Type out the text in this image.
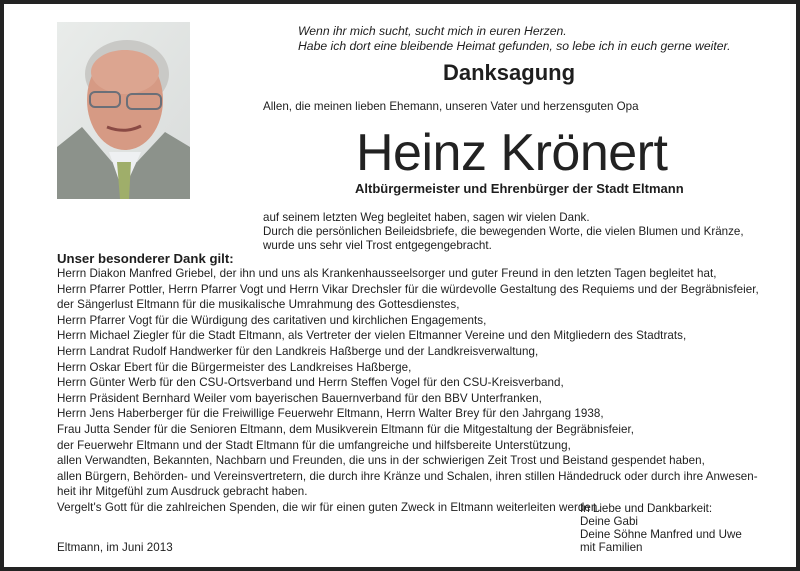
Wenn ihr mich sucht, sucht mich in euren Herzen.
Habe ich dort eine bleibende Heimat gefunden, so lebe ich in euch gerne weiter.
Danksagung
Allen, die meinen lieben Ehemann, unseren Vater und herzensguten Opa
Heinz Krönert
Altbürgermeister und Ehrenbürger der Stadt Eltmann
auf seinem letzten Weg begleitet haben, sagen wir vielen Dank.
Durch die persönlichen Beileidsbriefe, die bewegenden Worte, die vielen Blumen und Kränze,
wurde uns sehr viel Trost entgegengebracht.
Unser besonderer Dank gilt:
Herrn Diakon Manfred Griebel, der ihn und uns als Krankenhausseelsorger und guter Freund in den letzten Tagen begleitet hat,
Herrn Pfarrer Pottler, Herrn Pfarrer Vogt und Herrn Vikar Drechsler für die würdevolle Gestaltung des Requiems und der Begräbnisfeier,
der Sängerlust Eltmann für die musikalische Umrahmung des Gottesdienstes,
Herrn Pfarrer Vogt für die Würdigung des caritativen und kirchlichen Engagements,
Herrn Michael Ziegler für die Stadt Eltmann, als Vertreter der vielen Eltmanner Vereine und den Mitgliedern des Stadtrats,
Herrn Landrat Rudolf Handwerker für den Landkreis Haßberge und der Landkreisverwaltung,
Herrn Oskar Ebert für die Bürgermeister des Landkreises Haßberge,
Herrn Günter Werb für den CSU-Ortsverband und Herrn Steffen Vogel für den CSU-Kreisverband,
Herrn Präsident Bernhard Weiler vom bayerischen Bauernverband für den BBV Unterfranken,
Herrn Jens Haberberger für die Freiwillige Feuerwehr Eltmann, Herrn Walter Brey für den Jahrgang 1938,
Frau Jutta Sender für die Senioren Eltmann, dem Musikverein Eltmann für die Mitgestaltung der Begräbnisfeier,
der Feuerwehr Eltmann und der Stadt Eltmann für die umfangreiche und hilfsbereite Unterstützung,
allen Verwandten, Bekannten, Nachbarn und Freunden, die uns in der schwierigen Zeit Trost und Beistand gespendet haben,
allen Bürgern, Behörden- und Vereinsvertretern, die durch ihre Kränze und Schalen, ihren stillen Händedruck oder durch ihre Anwesen-
heit ihr Mitgefühl zum Ausdruck gebracht haben.
Vergelt's Gott für die zahlreichen Spenden, die wir für einen guten Zweck in Eltmann weiterleiten werden.
In Liebe und Dankbarkeit:
Deine Gabi
Deine Söhne Manfred und Uwe
mit Familien
Eltmann, im Juni 2013
